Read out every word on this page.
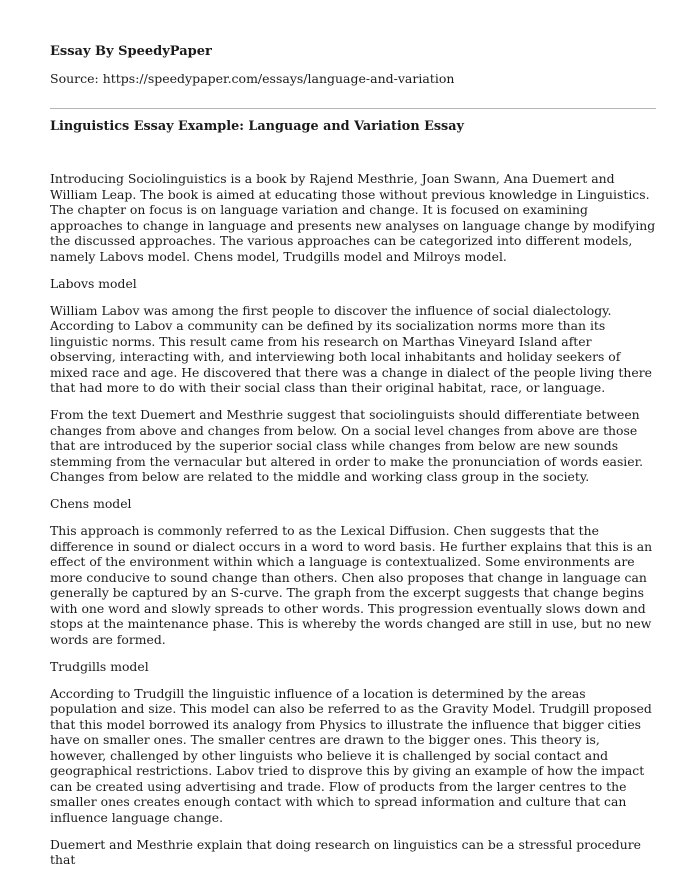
Essay By SpeedyPaper

Source: https://speedypaper.com/essays/language-and-variation

Linguistics Essay Example: Language and Variation Essay

Introducing Sociolinguistics is a book by Rajend Mesthrie, Joan Swann, Ana Duemert and William Leap. The book is aimed at educating those without previous knowledge in Linguistics. The chapter on focus is on language variation and change. It is focused on examining approaches to change in language and presents new analyses on language change by modifying the discussed approaches. The various approaches can be categorized into different models, namely Labovs model. Chens model, Trudgills model and Milroys model.

Labovs model

William Labov was among the first people to discover the influence of social dialectology. According to Labov a community can be defined by its socialization norms more than its linguistic norms. This result came from his research on Marthas Vineyard Island after observing, interacting with, and interviewing both local inhabitants and holiday seekers of mixed race and age. He discovered that there was a change in dialect of the people living there that had more to do with their social class than their original habitat, race, or language.

From the text Duemert and Mesthrie suggest that sociolinguists should differentiate between changes from above and changes from below. On a social level changes from above are those that are introduced by the superior social class while changes from below are new sounds stemming from the vernacular but altered in order to make the pronunciation of words easier. Changes from below are related to the middle and working class group in the society.

Chens model

This approach is commonly referred to as the Lexical Diffusion. Chen suggests that the difference in sound or dialect occurs in a word to word basis. He further explains that this is an effect of the environment within which a language is contextualized. Some environments are more conducive to sound change than others. Chen also proposes that change in language can generally be captured by an S-curve. The graph from the excerpt suggests that change begins with one word and slowly spreads to other words. This progression eventually slows down and stops at the maintenance phase. This is whereby the words changed are still in use, but no new words are formed.

Trudgills model

According to Trudgill the linguistic influence of a location is determined by the areas population and size. This model can also be referred to as the Gravity Model. Trudgill proposed that this model borrowed its analogy from Physics to illustrate the influence that bigger cities have on smaller ones. The smaller centres are drawn to the bigger ones. This theory is, however, challenged by other linguists who believe it is challenged by social contact and geographical restrictions. Labov tried to disprove this by giving an example of how the impact can be created using advertising and trade. Flow of products from the larger centres to the smaller ones creates enough contact with which to spread information and culture that can influence language change.

Duemert and Mesthrie explain that doing research on linguistics can be a stressful procedure that
